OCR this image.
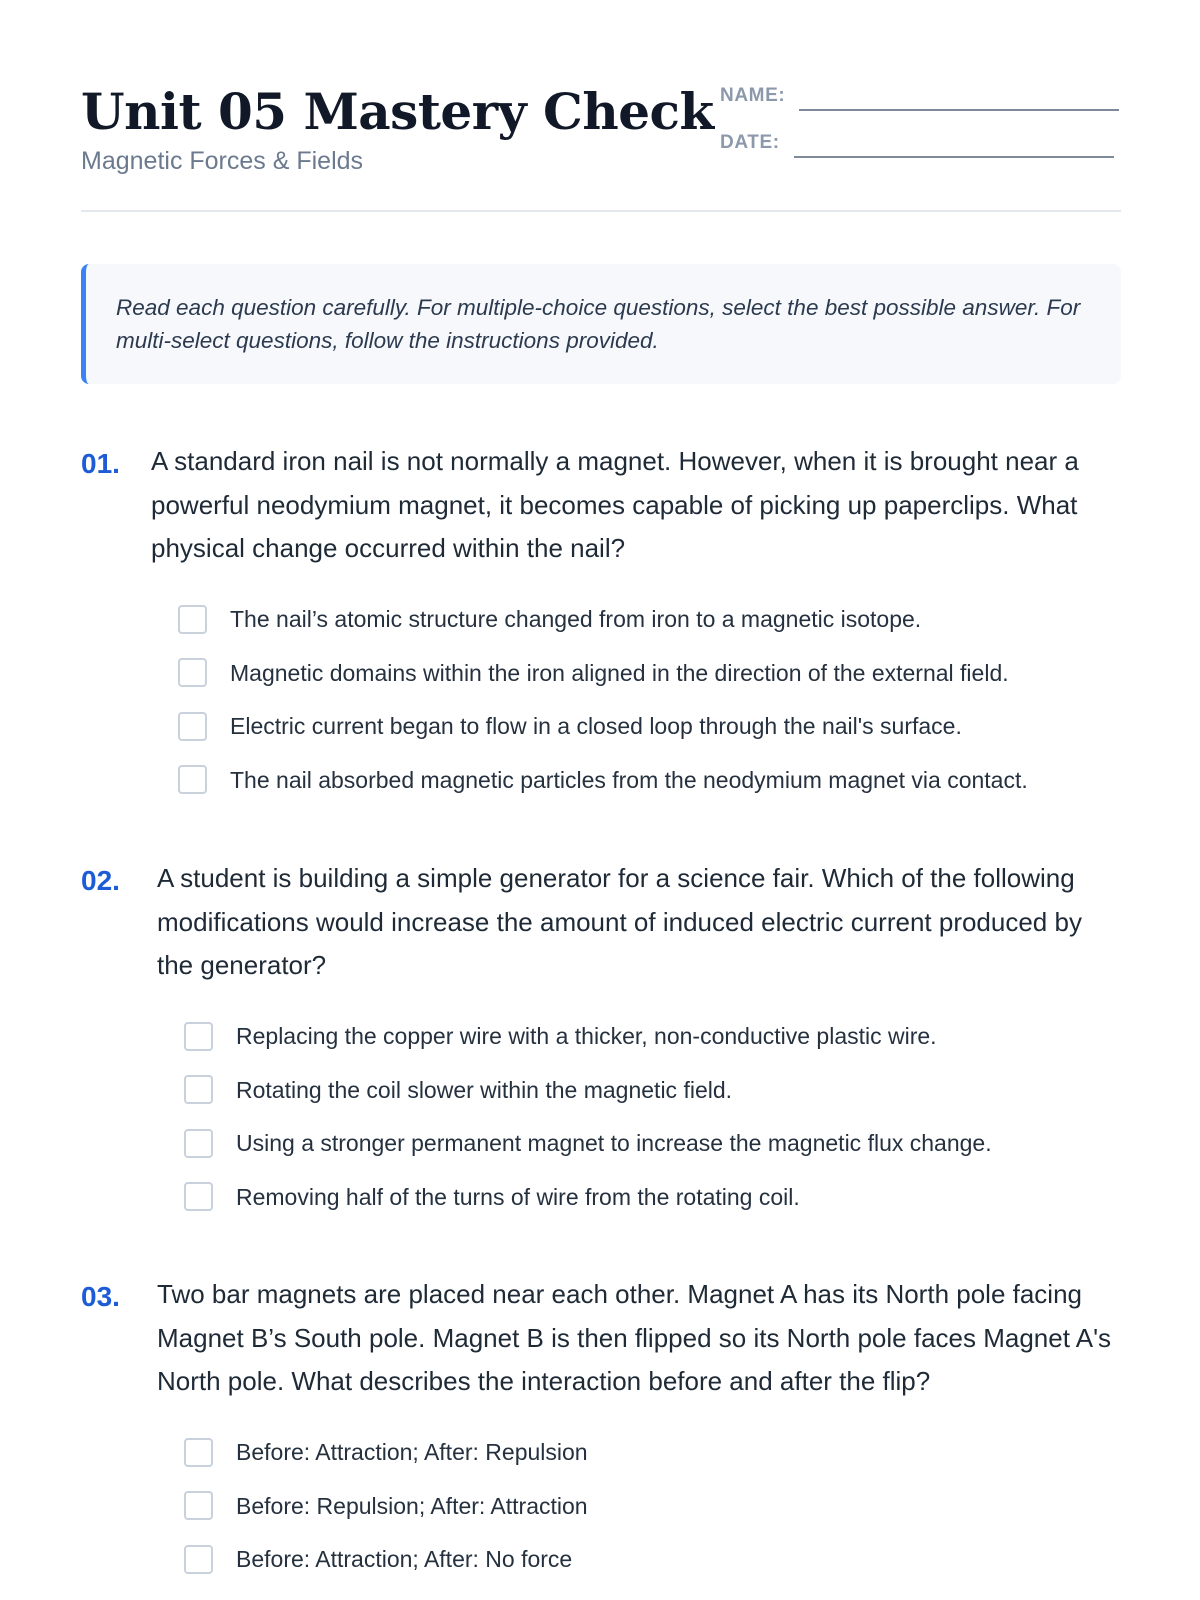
Unit 05 Mastery Check
Magnetic Forces & Fields
NAME:
DATE:

Read each question carefully. For multiple-choice questions, select the best possible answer. For multi-select questions, follow the instructions provided.

01. A standard iron nail is not normally a magnet. However, when it is brought near a powerful neodymium magnet, it becomes capable of picking up paperclips. What physical change occurred within the nail?

The nail’s atomic structure changed from iron to a magnetic isotope.
Magnetic domains within the iron aligned in the direction of the external field.
Electric current began to flow in a closed loop through the nail's surface.
The nail absorbed magnetic particles from the neodymium magnet via contact.
02. A student is building a simple generator for a science fair. Which of the following modifications would increase the amount of induced electric current produced by the generator?

Replacing the copper wire with a thicker, non-conductive plastic wire.
Rotating the coil slower within the magnetic field.
Using a stronger permanent magnet to increase the magnetic flux change.
Removing half of the turns of wire from the rotating coil.
03. Two bar magnets are placed near each other. Magnet A has its North pole facing Magnet B’s South pole. Magnet B is then flipped so its North pole faces Magnet A's North pole. What describes the interaction before and after the flip?

Before: Attraction; After: Repulsion
Before: Repulsion; After: Attraction
Before: Attraction; After: No force
